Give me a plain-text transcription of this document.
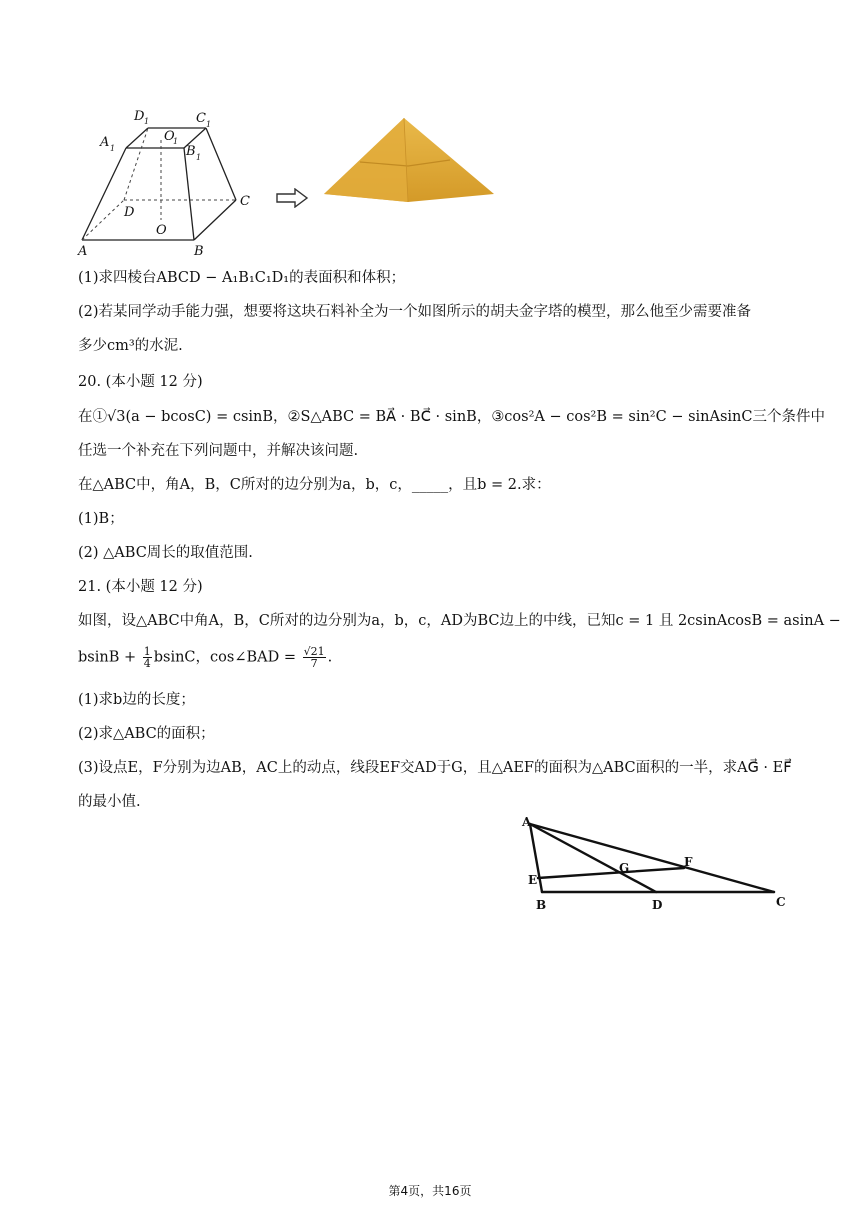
D 1	C 1
A 1
O
1
B 1
D
C
O
A	B
(1)求四棱台ABCD − A₁B₁C₁D₁的表面积和体积；
(2)若某同学动手能力强，想要将这块石料补全为一个如图所示的胡夫金字塔的模型，那么他至少需要准备
多少cm³的水泥.
20. (本小题 12 分)
在①√3(a − bcosC) = csinB，②S△ABC = BA⃗ · BC⃗ · sinB，③cos²A − cos²B = sin²C − sinAsinC三个条件中
任选一个补充在下列问题中，并解决该问题.
在△ABC中，角A，B，C所对的边分别为a，b，c，_____，且b = 2.求：
(1)B；
(2) △ABC周长的取值范围.
21. (本小题 12 分)
如图，设△ABC中角A，B，C所对的边分别为a，b，c，AD为BC边上的中线，已知c = 1 且 2csinAcosB = asinA −
$bsinB + \frac{1}{4}$ bsinC，cos∠BAD = $\frac{√21}{7}$ .
(1)求b边的长度；
(2)求△ABC的面积；
(3)设点E，F分别为边AB，AC上的动点，线段EF交AD于G，且△AEF的面积为△ABC面积的一半，求AG⃗ · EF⃗
的最小值.
A
E
B	D	C
G	F
第4页，共16页
